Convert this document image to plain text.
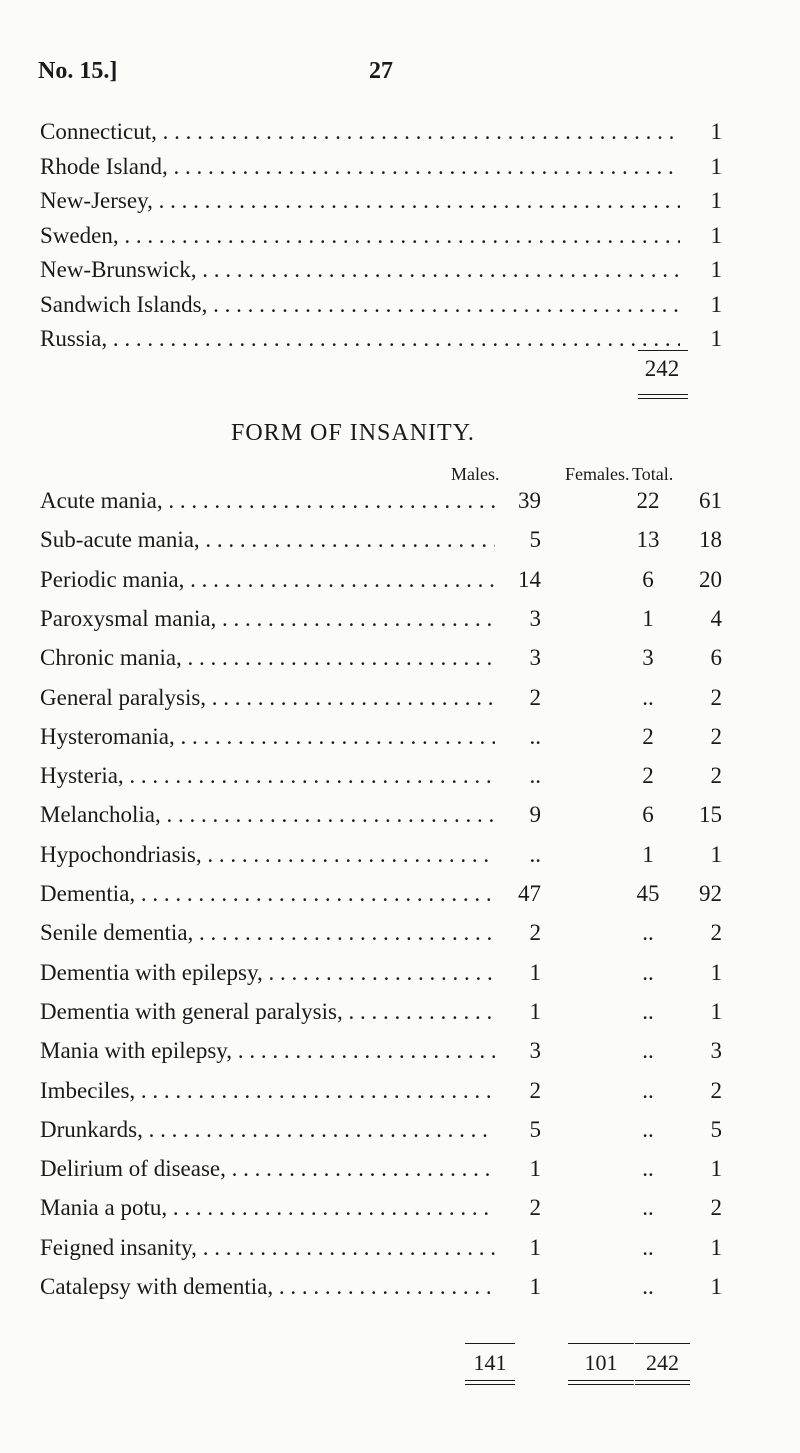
No. 15.]	27
Connecticut, . . .	1
Rhode Island, . . .	1
New-Jersey, . . .	1
Sweden, . . .	1
New-Brunswick, . . .	1
Sandwich Islands, . . .	1
Russia, . . .	1
242
FORM OF INSANITY.
Males.	Females. Total.
Acute mania, . . .	39	22	61
Sub-acute mania, . . .	5	13	18
Periodic mania, . . .	14	6	20
Paroxysmal mania, . . .	3	1	4
Chronic mania, . . .	3	3	6
General paralysis, . . .	2	..	2
Hysteromania, . . .	..	2	2
Hysteria, . . .	..	2	2
Melancholia, . . .	9	6	15
Hypochondriasis, . . .	..	1	1
Dementia, . . .	47	45	92
Senile dementia, . . .	2	..	2
Dementia with epilepsy, . . .	1	..	1
Dementia with general paralysis, . . .	1	..	1
Mania with epilepsy, . . .	3	..	3
Imbeciles, . . .	2	..	2
Drunkards, . . .	5	..	5
Delirium of disease, . . .	1	..	1
Mania a potu, . . .	2	..	2
Feigned insanity, . . .	1	..	1
Catalepsy with dementia, . . .	1	..	1
141	101	242
